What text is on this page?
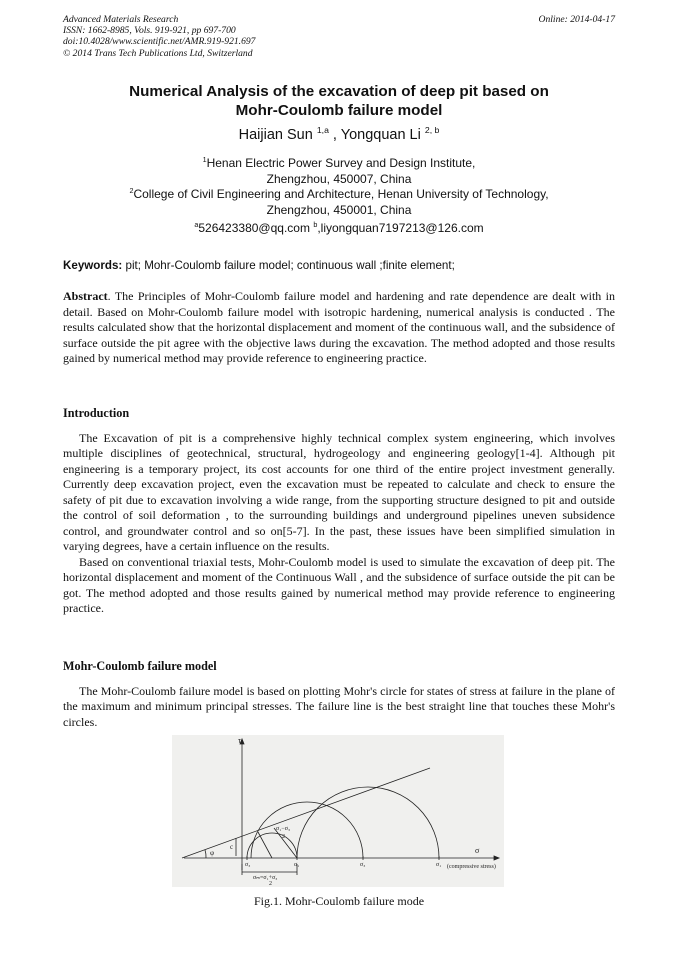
Advanced Materials Research
ISSN: 1662-8985, Vols. 919-921, pp 697-700
doi:10.4028/www.scientific.net/AMR.919-921.697
© 2014 Trans Tech Publications Ltd, Switzerland
Online: 2014-04-17
Numerical Analysis of the excavation of deep pit based on
Mohr-Coulomb failure model
Haijian Sun $^{1,a}$ , Yongquan Li $^{2, b}$
$^1$Henan Electric Power Survey and Design Institute,
Zhengzhou, 450007, China
$^2$College of Civil Engineering and Architecture, Henan University of Technology,
Zhengzhou, 450001, China
$^a$526423380@qq.com $^b$,liyongquan7197213@126.com
Keywords: pit; Mohr-Coulomb failure model; continuous wall ;finite element;

Abstract. The Principles of Mohr-Coulomb failure model and hardening and rate dependence are dealt with in detail. Based on Mohr-Coulomb failure model with isotropic hardening, numerical analysis is conducted . The results calculated show that the horizontal displacement and moment of the continuous wall, and the subsidence of surface outside the pit agree with the objective laws during the excavation. The method adopted and those results gained by numerical method may provide reference to engineering practice.

Introduction

The Excavation of pit is a comprehensive highly technical complex system engineering, which involves multiple disciplines of geotechnical, structural, hydrogeology and engineering geology[1-4]. Although pit engineering is a temporary project, its cost accounts for one third of the entire project investment generally. Currently deep excavation project, even the excavation must be repeated to calculate and check to ensure the safety of pit due to excavation involving a wide range, from the supporting structure designed to pit and outside the control of soil deformation , to the surrounding buildings and underground pipelines uneven subsidence control, and groundwater control and so on[5-7]. In the past, these issues have been simplified simulation in varying degrees, have a certain influence on the results.

Based on conventional triaxial tests, Mohr-Coulomb model is used to simulate the excavation of deep pit. The horizontal displacement and moment of the Continuous Wall , and the subsidence of surface outside the pit can be got. The method adopted and those results gained by numerical method may provide reference to engineering practice.

Mohr-Coulomb failure model

The Mohr-Coulomb failure model is based on plotting Mohr's circle for states of stress at failure in the plane of the maximum and minimum principal stresses. The failure line is the best straight line that touches these Mohr's circles.

τ
σ
(compressive stress)
φ
c
σ₃	σ₁	σ₃	σ₁
σ₁−σ₃
2
σₘ=σ₁+σ₃
2
Fig.1. Mohr-Coulomb failure mode
